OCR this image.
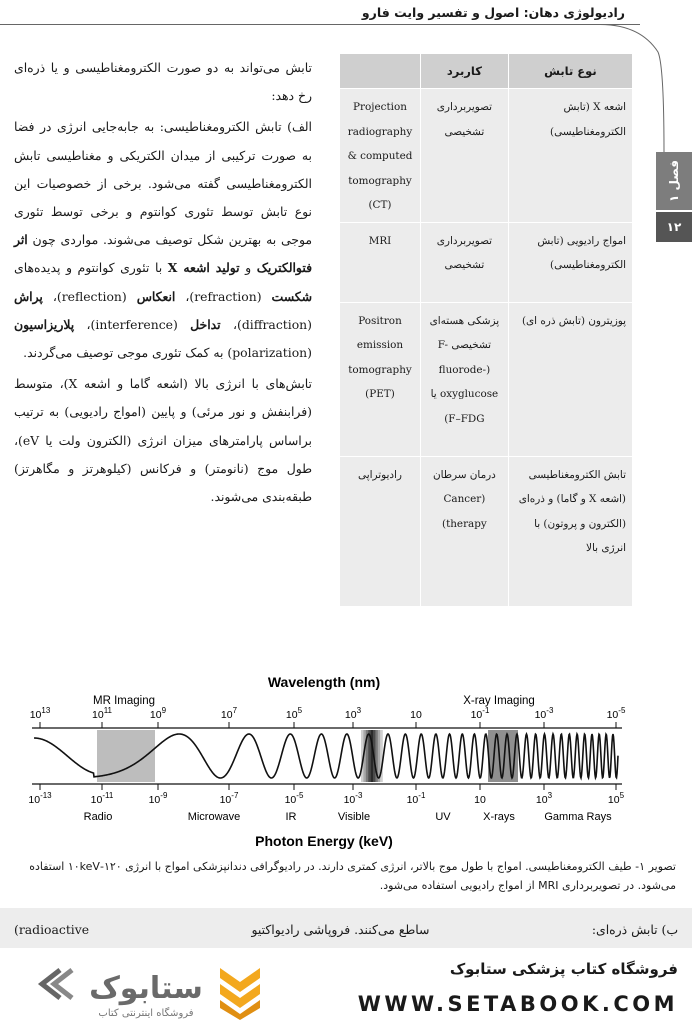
رادیولوژی دهان: اصول و تفسیر وایت فارو
فصل ۱
۱۲

تابش می‌تواند به دو صورت الکترومغناطیسی و یا ذره‌ای رخ دهد:

الف) تابش الکترومغناطیسی: به جابه‌جایی انرژی در فضا به صورت ترکیبی از میدان الکتریکی و مغناطیسی تابش الکترومغناطیسی گفته می‌شود. برخی از خصوصیات این نوع تابش توسط تئوری کوانتوم و برخی توسط تئوری موجی به بهترین شکل توصیف می‌شوند. مواردی چون اثر فتوالکتریک و تولید اشعه X با تئوری کوانتوم و پدیده‌های شکست (refraction)، انعکاس (reflection)، پراش (diffraction)، تداخل (interference)، پلاریزاسیون (polarization) به کمک تئوری موجی توصیف می‌گردند.

تابش‌های با انرژی بالا (اشعه گاما و اشعه X)، متوسط (فرابنفش و نور مرئی) و پایین (امواج رادیویی) به ترتیب براساس پارامترهای میزان انرژی (الکترون ولت یا eV)، طول موج (نانومتر) و فرکانس (کیلوهرتز و مگاهرتز) طبقه‌بندی می‌شوند.

نوع تابش	کاربرد	
اشعه X (تابش الکترومغناطیسی)	تصویربرداری تشخیصی	Projection radiography & computed tomography (CT)
امواج رادیویی (تابش الکترومغناطیسی)	تصویربرداری تشخیصی	MRI
پوزیترون (تابش ذره ای)	پزشکی هسته‌ای تشخیصی F-fluorode-) oxyglucose یا F–FDG)	Positron emission tomography (PET)
تابش الکترومغناطیسی (اشعه X و گاما) و ذره‌ای (الکترون و پروتون) با انرژی بالا	درمان سرطان (Cancer therapy)	رادیوتراپی
Wavelength (nm)
MR Imaging	X-ray Imaging
$10^{13}$	$10^{11}$	$10^9$	$10^7$	$10^5$	$10^3$	10	$10^{-1}$	$10^{-3}$	$10^{-5}$
$10^{-13}$	$10^{-11}$	$10^{-9}$	$10^{-7}$	$10^{-5}$	$10^{-3}$	$10^{-1}$	10	$10^3$	$10^5$
Radio	Microwave	IR	Visible	UV	X-rays	Gamma Rays
Photon Energy (keV)
تصویر ۱- طیف الکترومغناطیسی. امواج با طول موج بالاتر، انرژی کمتری دارند. در رادیوگرافی دندانپزشکی امواج با انرژی ۱۲۰-۱۰keV استفاده می‌شود. در تصویربرداری MRI از امواج رادیویی استفاده می‌شود.
(radioactive	ساطع می‌کنند. فروپاشی رادیواکتیو	ب) تابش ذره‌ای:
ستابوک
فروشگاه اینترنتی کتاب
فروشگاه کتاب پزشکی ستابوک
WWW.SETABOOK.COM
